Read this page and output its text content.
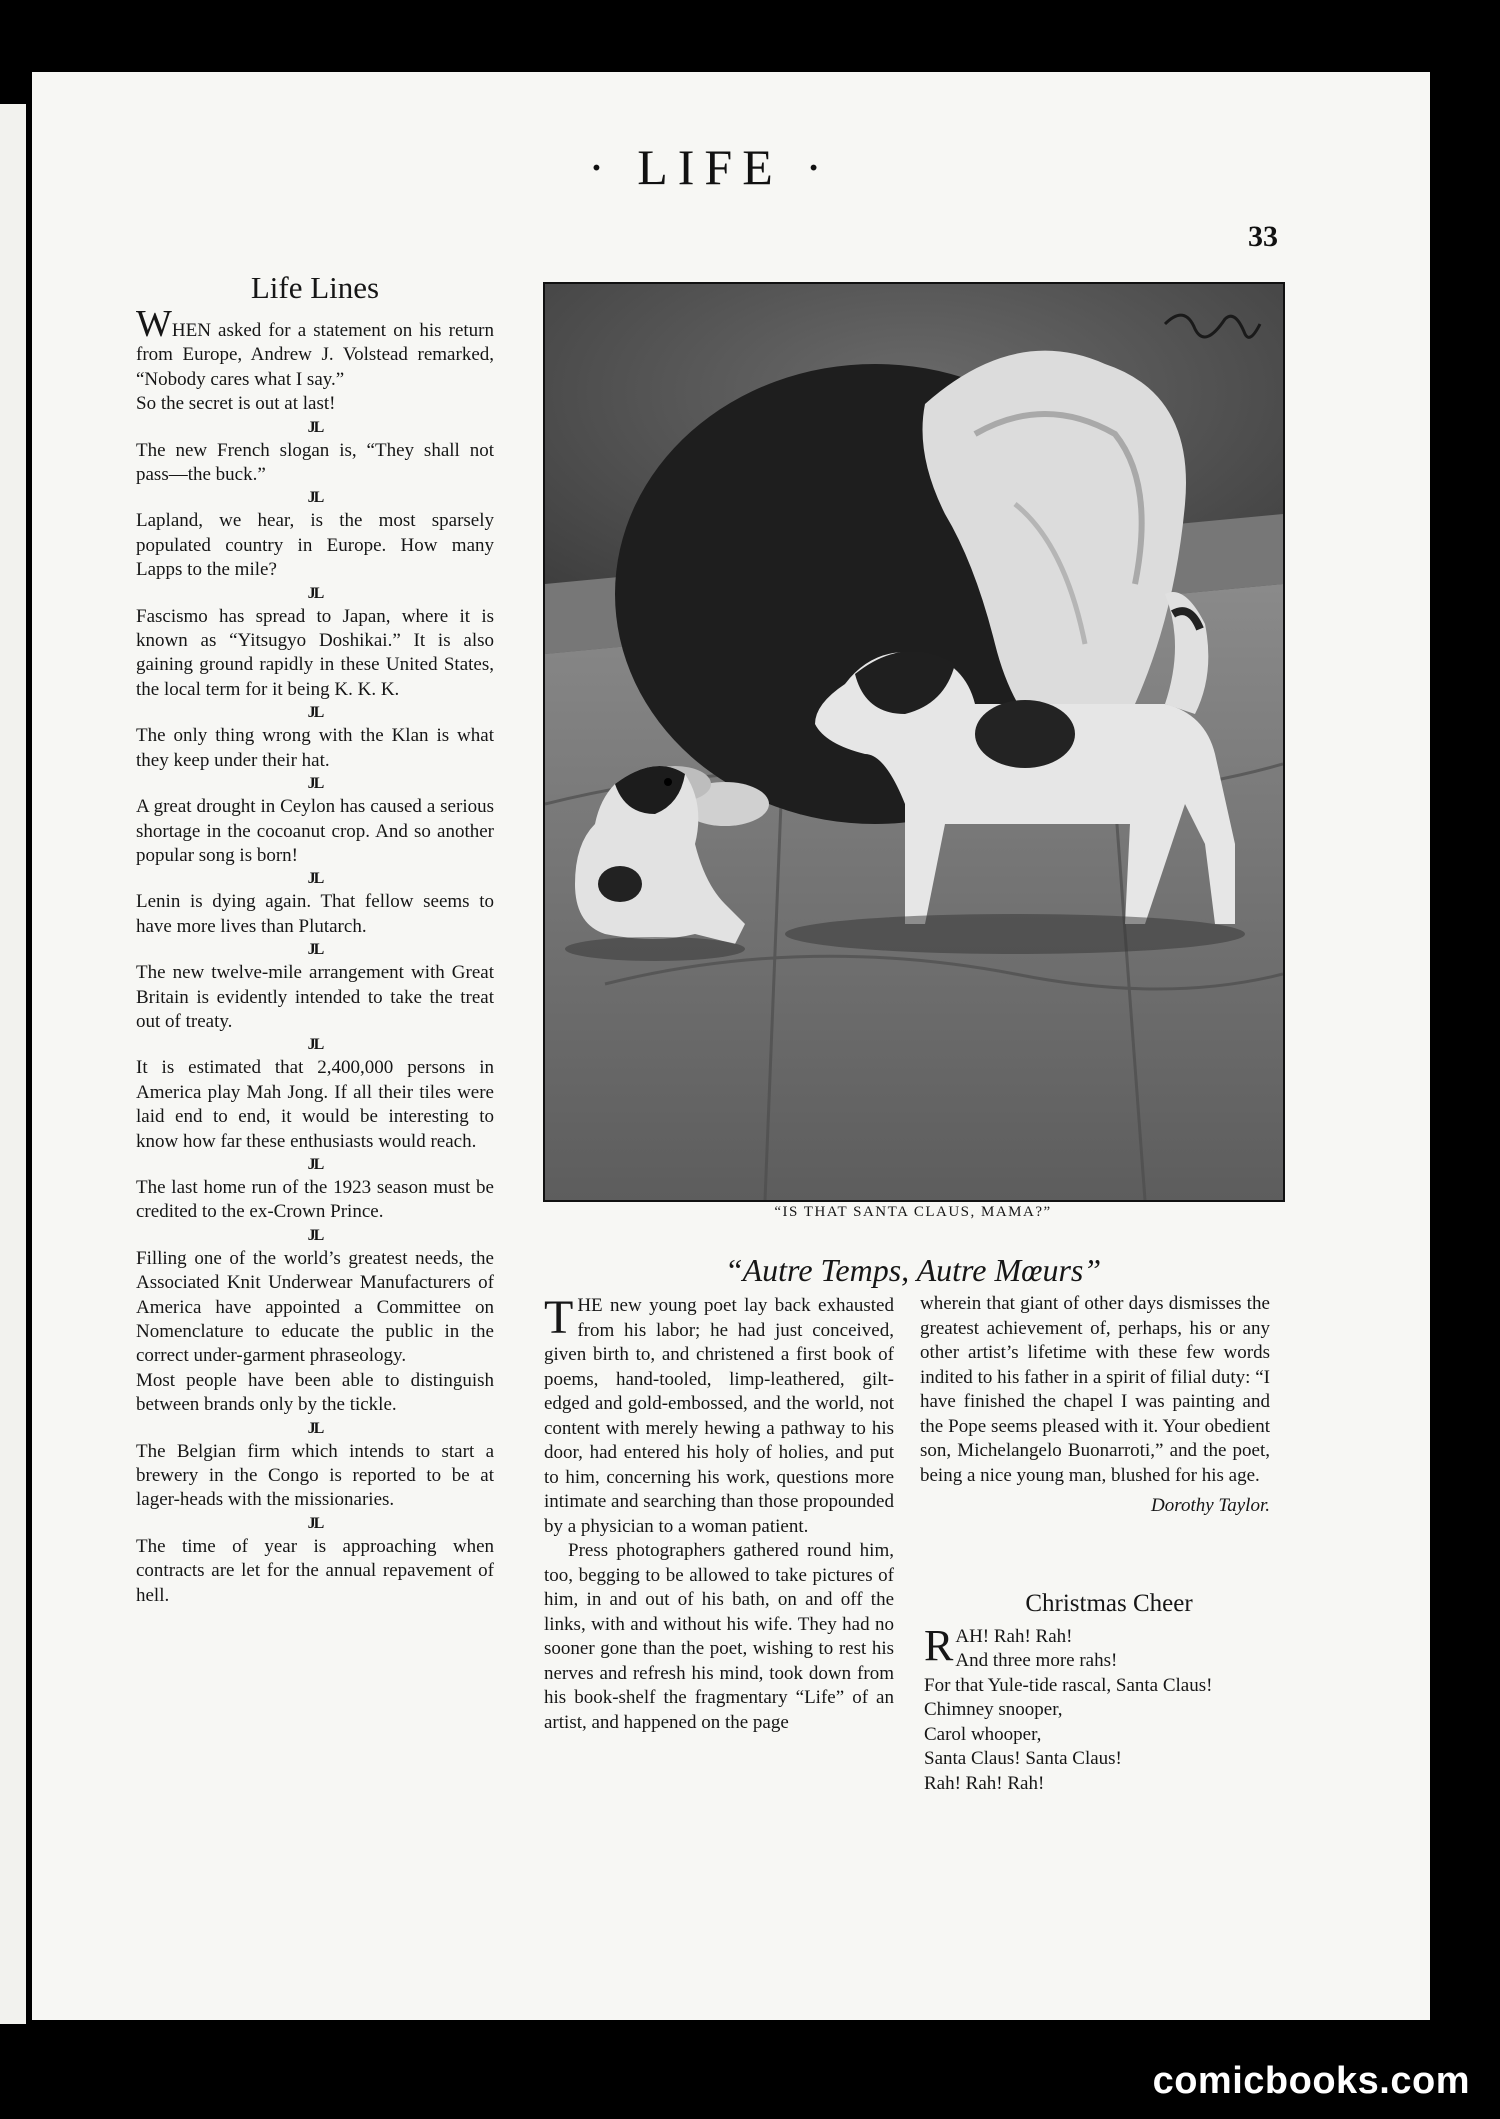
· LIFE ·
33
Life Lines

WHEN asked for a statement on his return from Europe, Andrew J. Volstead remarked, “Nobody cares what I say.”

So the secret is out at last!

JL

The new French slogan is, “They shall not pass—the buck.”

JL

Lapland, we hear, is the most sparsely populated country in Europe. How many Lapps to the mile?

JL

Fascismo has spread to Japan, where it is known as “Yitsugyo Doshikai.” It is also gaining ground rapidly in these United States, the local term for it being K. K. K.

JL

The only thing wrong with the Klan is what they keep under their hat.

JL

A great drought in Ceylon has caused a serious shortage in the cocoanut crop. And so another popular song is born!

JL

Lenin is dying again. That fellow seems to have more lives than Plutarch.

JL

The new twelve-mile arrangement with Great Britain is evidently intended to take the treat out of treaty.

JL

It is estimated that 2,400,000 persons in America play Mah Jong. If all their tiles were laid end to end, it would be interesting to know how far these enthusiasts would reach.

JL

The last home run of the 1923 season must be credited to the ex-Crown Prince.

JL

Filling one of the world’s greatest needs, the Associated Knit Underwear Manufacturers of America have appointed a Committee on Nomenclature to educate the public in the correct under-garment phraseology.

Most people have been able to distinguish between brands only by the tickle.

JL

The Belgian firm which intends to start a brewery in the Congo is reported to be at lager-heads with the missionaries.

JL

The time of year is approaching when contracts are let for the annual repavement of hell.

“IS THAT SANTA CLAUS, MAMA?”
“Autre Temps, Autre Mœurs”

THE new young poet lay back exhausted from his labor; he had just conceived, given birth to, and christened a first book of poems, hand-tooled, limp-leathered, gilt-edged and gold-embossed, and the world, not content with merely hewing a pathway to his door, had entered his holy of holies, and put to him, concerning his work, questions more intimate and searching than those propounded by a physician to a woman patient.

Press photographers gathered round him, too, begging to be allowed to take pictures of him, in and out of his bath, on and off the links, with and without his wife. They had no sooner gone than the poet, wishing to rest his nerves and refresh his mind, took down from his book-shelf the fragmentary “Life” of an artist, and happened on the page

wherein that giant of other days dismisses the greatest achievement of, perhaps, his or any other artist’s lifetime with these few words indited to his father in a spirit of filial duty: “I have finished the chapel I was painting and the Pope seems pleased with it. Your obedient son, Michelangelo Buonarroti,” and the poet, being a nice young man, blushed for his age.

Dorothy Taylor.

Christmas Cheer
R AH! Rah! Rah!
And three more rahs!
For that Yule-tide rascal, Santa Claus!
Chimney snooper,
Carol whooper,
Santa Claus! Santa Claus!
Rah! Rah! Rah!
comicbooks.com
